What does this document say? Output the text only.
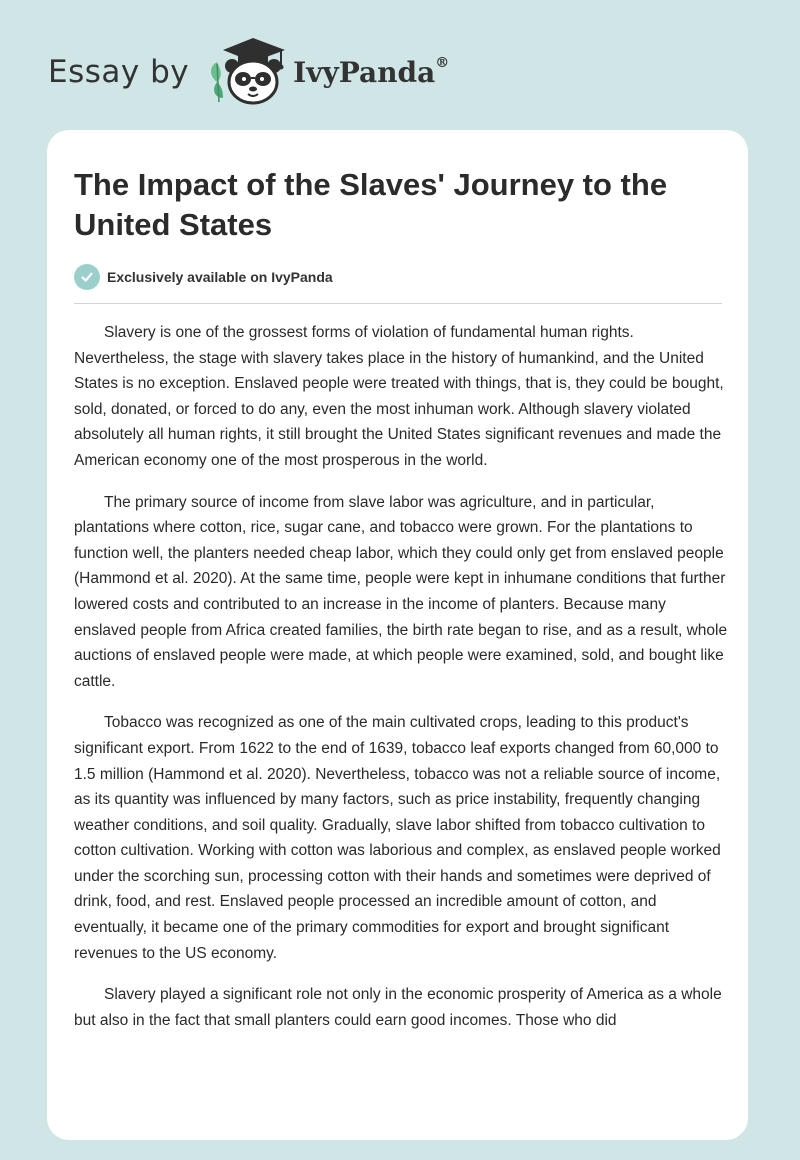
Essay by	IvyPanda®
The Impact of the Slaves' Journey to the United States
Exclusively available on IvyPanda

Slavery is one of the grossest forms of violation of fundamental human rights. Nevertheless, the stage with slavery takes place in the history of humankind, and the United States is no exception. Enslaved people were treated with things, that is, they could be bought, sold, donated, or forced to do any, even the most inhuman work. Although slavery violated absolutely all human rights, it still brought the United States significant revenues and made the American economy one of the most prosperous in the world.

The primary source of income from slave labor was agriculture, and in particular, plantations where cotton, rice, sugar cane, and tobacco were grown. For the plantations to function well, the planters needed cheap labor, which they could only get from enslaved people (Hammond et al. 2020). At the same time, people were kept in inhumane conditions that further lowered costs and contributed to an increase in the income of planters. Because many enslaved people from Africa created families, the birth rate began to rise, and as a result, whole auctions of enslaved people were made, at which people were examined, sold, and bought like cattle.

Tobacco was recognized as one of the main cultivated crops, leading to this product's significant export. From 1622 to the end of 1639, tobacco leaf exports changed from 60,000 to 1.5 million (Hammond et al. 2020). Nevertheless, tobacco was not a reliable source of income, as its quantity was influenced by many factors, such as price instability, frequently changing weather conditions, and soil quality. Gradually, slave labor shifted from tobacco cultivation to cotton cultivation. Working with cotton was laborious and complex, as enslaved people worked under the scorching sun, processing cotton with their hands and sometimes were deprived of drink, food, and rest. Enslaved people processed an incredible amount of cotton, and eventually, it became one of the primary commodities for export and brought significant revenues to the US economy.

Slavery played a significant role not only in the economic prosperity of America as a whole but also in the fact that small planters could earn good incomes. Those who did
